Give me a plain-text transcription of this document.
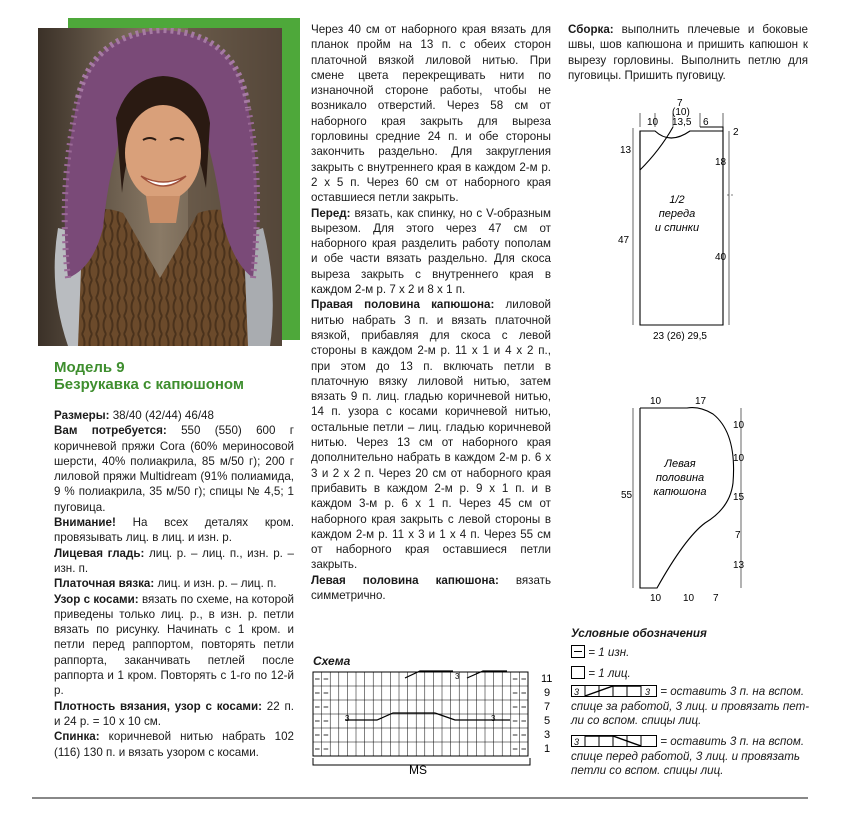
Модель 9
Безрукавка с капюшоном

Размеры: 38/40 (42/44) 46/48

Вам потребуется: 550 (550) 600 г коричневой пряжи Cora (60% мериносовой шерсти, 40% полиакрила, 85 м/50 г); 200 г лиловой пряжи Multidream (91% полиамида, 9 % полиакрила, 35 м/50 г); спицы № 4,5; 1 пуговица.

Внимание! На всех деталях кром. провязывать лиц. в лиц. и изн. р.

Лицевая гладь: лиц. р. – лиц. п., изн. р. – изн. п.

Платочная вязка: лиц. и изн. р. – лиц. п.

Узор с косами: вязать по схеме, на которой приведены только лиц. р., в изн. р. петли вязать по рисунку. Начинать с 1 кром. и петли перед раппортом, повторять петли раппорта, заканчивать петлей после раппорта и 1 кром. Повторять с 1-го по 12-й р.

Плотность вязания, узор с косами: 22 п. и 24 р. = 10 х 10 см.

Спинка: коричневой нитью набрать 102 (116) 130 п. и вязать узором с косами.

Через 40 см от наборного края вязать для планок пройм на 13 п. с обеих сторон платочной вязкой лиловой нитью. При смене цвета перекрещивать нити по изнаночной стороне работы, чтобы не возникало отверстий. Через 58 см от наборного края закрыть для выреза горловины средние 24 п. и обе стороны закончить раздельно. Для закругления закрыть с внутреннего края в каждом 2-м р. 2 х 5 п. Через 60 см от наборного края оставшиеся петли закрыть.

Перед: вязать, как спинку, но с V-образным вырезом. Для этого через 47 см от наборного края разделить работу пополам и обе части вязать раздельно. Для скоса выреза закрыть с внутреннего края в каждом 2-м р. 7 х 2 и 8 х 1 п.

Правая половина капюшона: лиловой нитью набрать 3 п. и вязать платочной вязкой, прибавляя для скоса с левой стороны в каждом 2-м р. 11 х 1 и 4 х 2 п., при этом до 13 п. включать петли в платочную вязку лиловой нитью, затем вязать 9 п. лиц. гладью коричневой нитью, 14 п. узора с косами коричневой нитью, остальные петли – лиц. гладью коричневой нитью. Через 13 см от наборного края дополнительно набрать в каждом 2-м р. 6 х 3 и 2 х 2 п. Через 20 см от наборного края прибавить в каждом 2-м р. 9 х 1 п. и в каждом 3-м р. 6 х 1 п. Через 45 см от наборного края закрыть с левой стороны в каждом 2-м р. 11 х 3 и 1 х 4 п. Через 55 см от наборного края оставшиеся петли закрыть.

Левая половина капюшона: вязать симметрично.

Схема
3
3	3
11
9
7
5
3
1
MS

Сборка: выполнить плечевые и боковые швы, шов капюшона и пришить капюшон к вырезу горловины. Выполнить петлю для пуговицы. Пришить пуговицу.

7
(10)
13,5
10	6
2
13
18
47
40
23 (26) 29,5
1/2
переда
и спинки
10	17
10
10
15
7
13
55
10 10 7
Левая
половина
капюшона
Условные обозначения
= 1 изн.
= 1 лиц.
3	3 = оставить 3 п. на вспом.
спице за работой, 3 лиц. и провязать пет-
ли со вспом. спицы лиц.
3	= оставить 3 п. на вспом.
спице перед работой, 3 лиц. и провязать
петли со вспом. спицы лиц.
